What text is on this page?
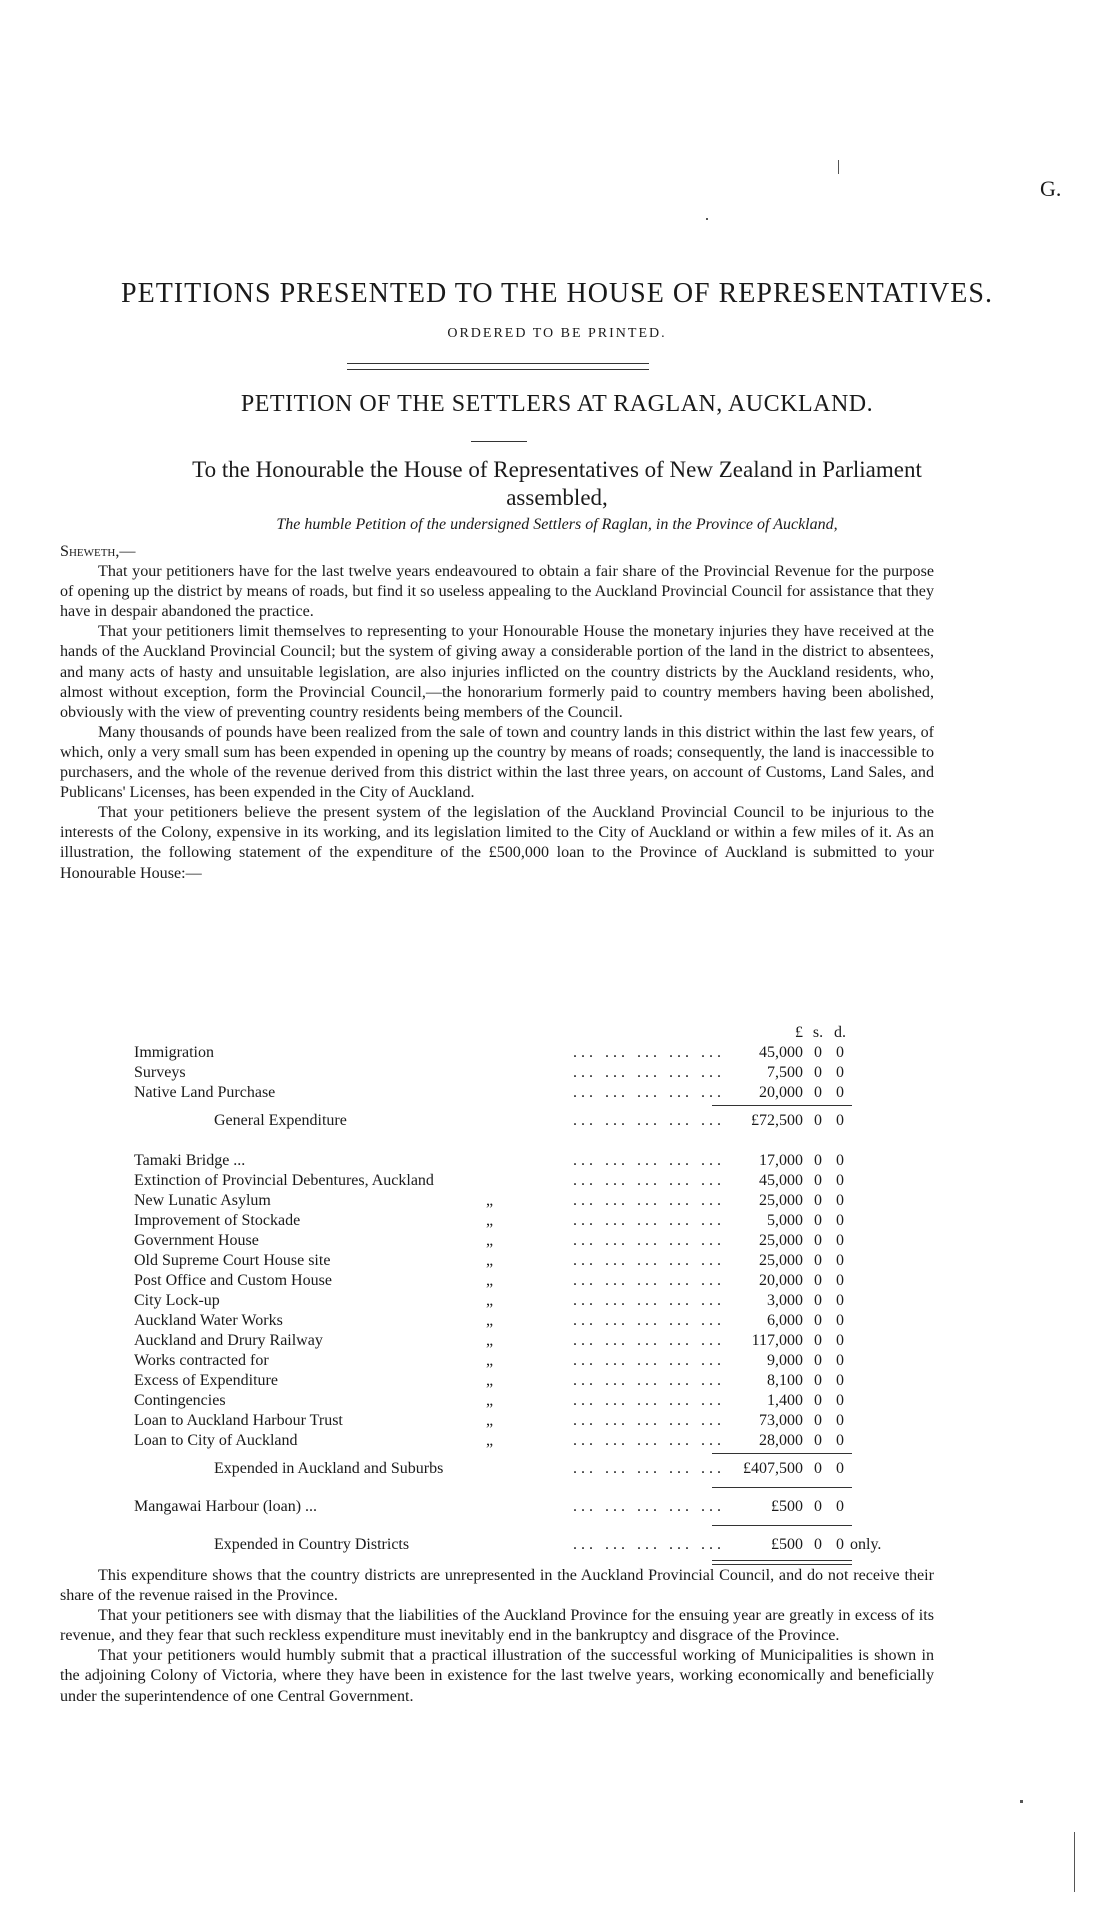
G.
PETITIONS PRESENTED TO THE HOUSE OF REPRESENTATIVES.
ORDERED TO BE PRINTED.
PETITION OF THE SETTLERS AT RAGLAN, AUCKLAND.
To the Honourable the House of Representatives of New Zealand in Parliament
assembled,
The humble Petition of the undersigned Settlers of Raglan, in the Province of Auckland,

Sheweth,—

That your petitioners have for the last twelve years endeavoured to obtain a fair share of the Provincial Revenue for the purpose of opening up the district by means of roads, but find it so useless appealing to the Auckland Provincial Council for assistance that they have in despair abandoned the practice.

That your petitioners limit themselves to representing to your Honourable House the monetary injuries they have received at the hands of the Auckland Provincial Council; but the system of giving away a considerable portion of the land in the district to absentees, and many acts of hasty and unsuitable legislation, are also injuries inflicted on the country districts by the Auckland residents, who, almost without exception, form the Provincial Council,—the honorarium formerly paid to country members having been abolished, obviously with the view of preventing country residents being members of the Council.

Many thousands of pounds have been realized from the sale of town and country lands in this district within the last few years, of which, only a very small sum has been expended in opening up the country by means of roads; consequently, the land is inaccessible to purchasers, and the whole of the revenue derived from this district within the last three years, on account of Customs, Land Sales, and Publicans' Licenses, has been expended in the City of Auckland.

That your petitioners believe the present system of the legislation of the Auckland Provincial Council to be injurious to the interests of the Colony, expensive in its working, and its legislation limited to the City of Auckland or within a few miles of it. As an illustration, the following statement of the expenditure of the £500,000 loan to the Province of Auckland is submitted to your Honourable House:—

£ s. d.
Immigration	... ... ... ... ...	45,000 0 0
Surveys	... ... ... ... ...	7,500 0 0
Native Land Purchase	... ... ... ... ...	20,000 0 0
General Expenditure	... ... ... ... ...	£72,500 0 0
Tamaki Bridge ...	... ... ... ... ...	17,000 0 0
Extinction of Provincial Debentures, Auckland	... ... ... ... ...	45,000 0 0
New Lunatic Asylum	„	... ... ... ... ...	25,000 0 0
Improvement of Stockade	„	... ... ... ... ...	5,000 0 0
Government House	„	... ... ... ... ...	25,000 0 0
Old Supreme Court House site	„	... ... ... ... ...	25,000 0 0
Post Office and Custom House	„	... ... ... ... ...	20,000 0 0
City Lock-up	„	... ... ... ... ...	3,000 0 0
Auckland Water Works	„	... ... ... ... ...	6,000 0 0
Auckland and Drury Railway	„	... ... ... ... ...	117,000 0 0
Works contracted for	„	... ... ... ... ...	9,000 0 0
Excess of Expenditure	„	... ... ... ... ...	8,100 0 0
Contingencies	„	... ... ... ... ...	1,400 0 0
Loan to Auckland Harbour Trust	„	... ... ... ... ...	73,000 0 0
Loan to City of Auckland	„	... ... ... ... ...	28,000 0 0
Expended in Auckland and Suburbs	... ... ... ... ...	£407,500 0 0
Mangawai Harbour (loan) ...	... ... ... ... ...	£500 0 0
Expended in Country Districts	... ... ... ... ...	£500 0 0 only.

This expenditure shows that the country districts are unrepresented in the Auckland Provincial Council, and do not receive their share of the revenue raised in the Province.

That your petitioners see with dismay that the liabilities of the Auckland Province for the ensuing year are greatly in excess of its revenue, and they fear that such reckless expenditure must inevitably end in the bankruptcy and disgrace of the Province.

That your petitioners would humbly submit that a practical illustration of the successful working of Municipalities is shown in the adjoining Colony of Victoria, where they have been in existence for the last twelve years, working economically and beneficially under the superintendence of one Central Government.
